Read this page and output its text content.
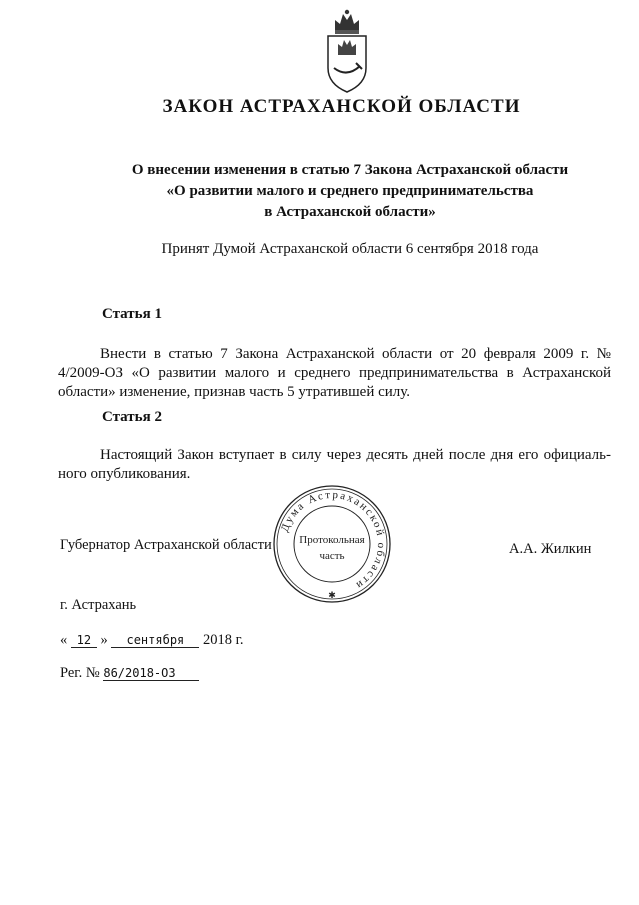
ЗАКОН АСТРАХАНСКОЙ ОБЛАСТИ
О внесении изменения в статью 7 Закона Астраханской области
«О развитии малого и среднего предпринимательства
в Астраханской области»
Принят Думой Астраханской области 6 сентября 2018 года
Статья 1
Внести в статью 7 Закона Астраханской области от 20 февраля 2009 г. № 4/2009-ОЗ «О развитии малого и среднего предпринимательства в Астраханской области» изменение, признав часть 5 утратившей силу.
Статья 2
Настоящий Закон вступает в силу через десять дней после дня его официаль-ного опубликования.
Губернатор Астраханской области	А.А. Жилкин
Дума Астраханской области
✱
Протокольная
часть
г. Астрахань
« 12 » сентября 2018 г.
Рег. № 86/2018-ОЗ
